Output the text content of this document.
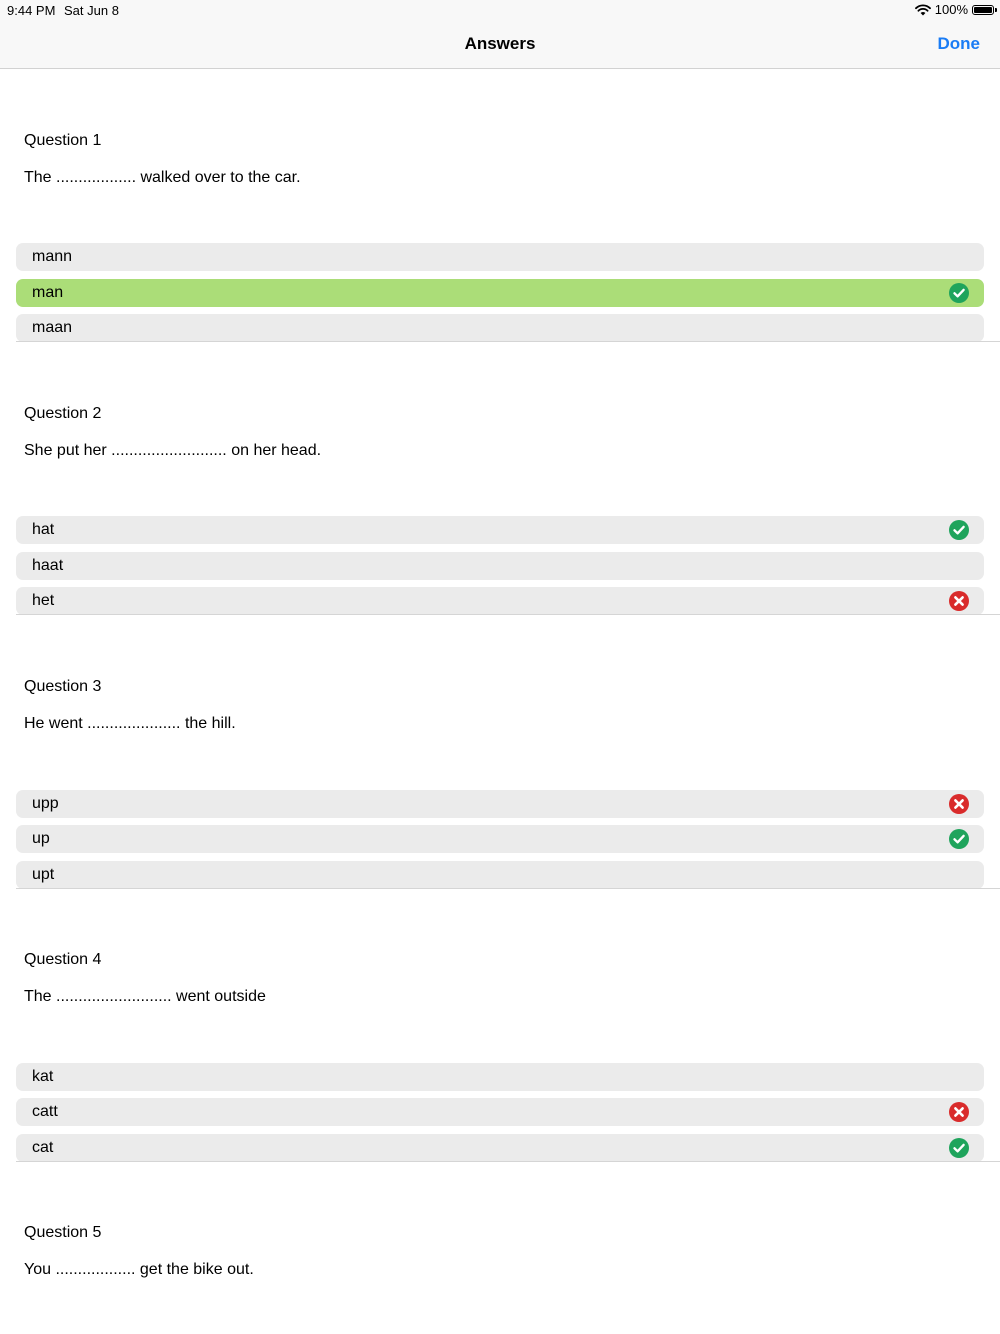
9:44 PM Sat Jun 8	100%
Answers	Done
Question 1
The .................. walked over to the car.
mann
man
maan
Question 2
She put her .......................... on her head.
hat
haat
het
Question 3
He went ..................... the hill.
upp
up
upt
Question 4
The .......................... went outside
kat
catt
cat
Question 5
You .................. get the bike out.
